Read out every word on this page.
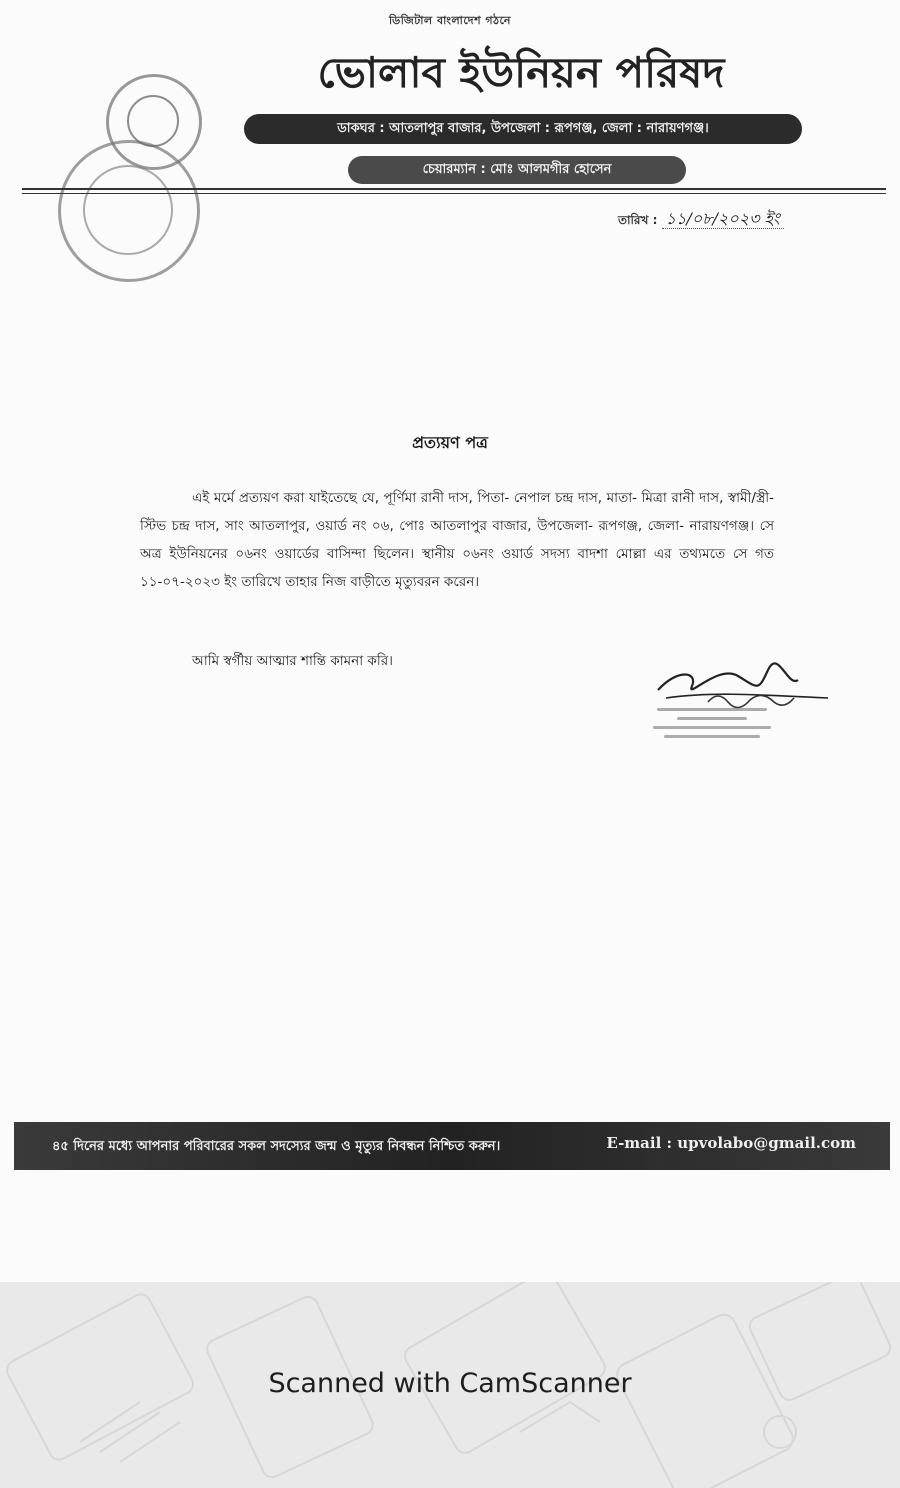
ডিজিটাল বাংলাদেশ গঠনে
ভোলাব ইউনিয়ন পরিষদ
ডাকঘর : আতলাপুর বাজার, উপজেলা : রূপগঞ্জ, জেলা : নারায়ণগঞ্জ।
চেয়ারম্যান : মোঃ আলমগীর হোসেন
তারিখ : ১১/০৮/২০২৩ ইং
প্রত্যয়ণ পত্র
এই মর্মে প্রত্যয়ণ করা যাইতেছে যে, পূর্ণিমা রানী দাস, পিতা- নেপাল চন্দ্র দাস, মাতা- মিত্রা রানী দাস, স্বামী/স্ত্রী- স্টিভ চন্দ্র দাস, সাং আতলাপুর, ওয়ার্ড নং ০৬, পোঃ আতলাপুর বাজার, উপজেলা- রূপগঞ্জ, জেলা- নারায়ণগঞ্জ। সে অত্র ইউনিয়নের ০৬নং ওয়ার্ডের বাসিন্দা ছিলেন। স্থানীয় ০৬নং ওয়ার্ড সদস্য বাদশা মোল্লা এর তথ্যমতে সে গত ১১-০৭-২০২৩ ইং তারিখে তাহার নিজ বাড়ীতে মৃত্যুবরন করেন।
আমি স্বর্গীয় আত্মার শান্তি কামনা করি।
৪৫ দিনের মধ্যে আপনার পরিবারের সকল সদস্যের জন্ম ও মৃত্যুর নিবন্ধন নিশ্চিত করুন।	E-mail : upvolabo@gmail.com
Scanned with CamScanner
